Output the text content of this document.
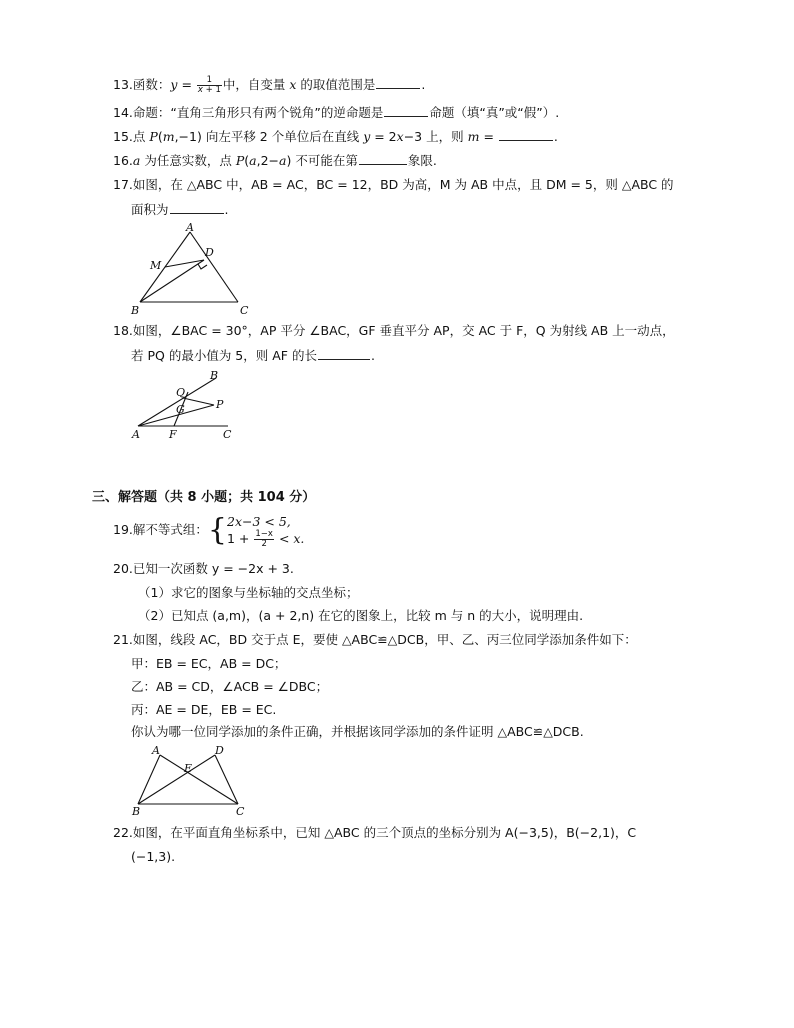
13.函数：$y = \frac{1}{x + 1}$ 中，自变量 x 的取值范围是	.
14.命题：“直角三角形只有两个锐角”的逆命题是	命题（填“真”或“假”）.
15.点 P(m,−1) 向左平移 2 个单位后在直线 y = 2x−3 上，则 m =	.
16.a 为任意实数，点 P(a,2−a) 不可能在第	象限.
17.如图，在 △ABC 中，AB = AC，BC = 12，BD 为高，M 为 AB 中点，且 DM = 5，则 △ABC 的
面积为	.
A
D
M
B	C
18.如图，∠BAC = 30°，AP 平分 ∠BAC，GF 垂直平分 AP，交 AC 于 F，Q 为射线 AB 上一动点，
若 PQ 的最小值为 5，则 AF 的长	.
A
B
C
F
G	P
Q
三、解答题（共 8 小题；共 104 分）
19.解不等式组：{ 2x−3 < 5,
$1 + \frac{1-x}{2} < x$.
20.已知一次函数 y = −2x + 3.
（1）求它的图象与坐标轴的交点坐标；
（2）已知点 (a,m)，(a + 2,n) 在它的图象上，比较 m 与 n 的大小，说明理由.
21.如图，线段 AC，BD 交于点 E，要使 △ABC≌△DCB，甲、乙、丙三位同学添加条件如下：
甲：EB = EC，AB = DC；
乙：AB = CD，∠ACB = ∠DBC；
丙：AE = DE，EB = EC.
你认为哪一位同学添加的条件正确，并根据该同学添加的条件证明 △ABC≌△DCB.
A	D
E
B	C
22.如图，在平面直角坐标系中，已知 △ABC 的三个顶点的坐标分别为 A(−3,5)，B(−2,1)，C
(−1,3).
